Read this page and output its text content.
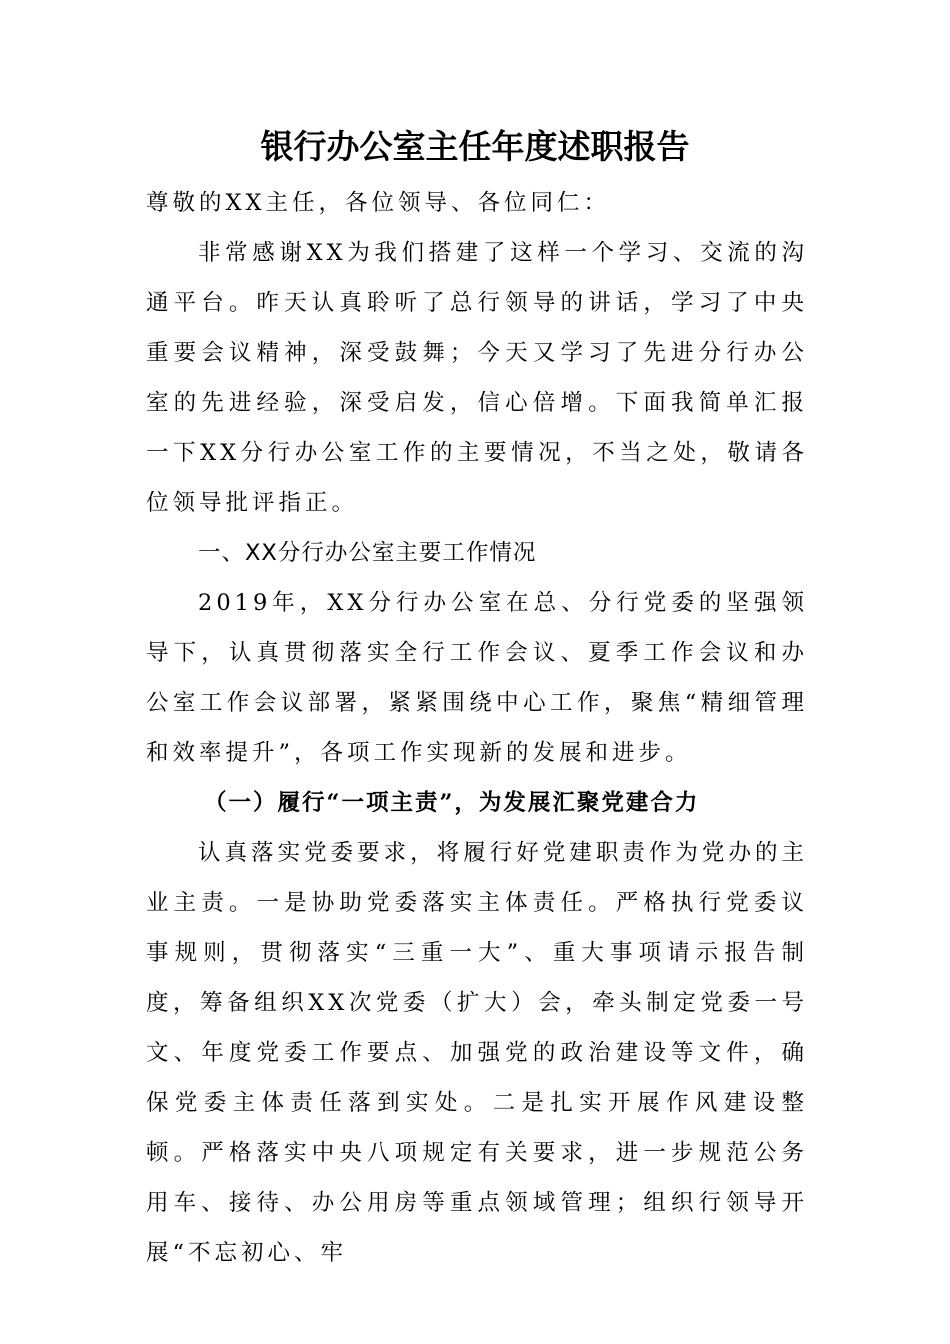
银行办公室主任年度述职报告

尊敬的XX主任，各位领导、各位同仁：

非常感谢XX为我们搭建了这样一个学习、交流的沟通平台。昨天认真聆听了总行领导的讲话，学习了中央重要会议精神，深受鼓舞；今天又学习了先进分行办公室的先进经验，深受启发，信心倍增。下面我简单汇报一下XX分行办公室工作的主要情况，不当之处，敬请各位领导批评指正。

一、XX分行办公室主要工作情况

2019年，XX分行办公室在总、分行党委的坚强领导下，认真贯彻落实全行工作会议、夏季工作会议和办公室工作会议部署，紧紧围绕中心工作，聚焦“精细管理和效率提升”，各项工作实现新的发展和进步。

（一）履行“一项主责”，为发展汇聚党建合力

认真落实党委要求，将履行好党建职责作为党办的主业主责。一是协助党委落实主体责任。严格执行党委议事规则，贯彻落实“三重一大”、重大事项请示报告制度，筹备组织XX次党委（扩大）会，牵头制定党委一号文、年度党委工作要点、加强党的政治建设等文件，确保党委主体责任落到实处。二是扎实开展作风建设整顿。严格落实中央八项规定有关要求，进一步规范公务用车、接待、办公用房等重点领域管理；组织行领导开展“不忘初心、牢
